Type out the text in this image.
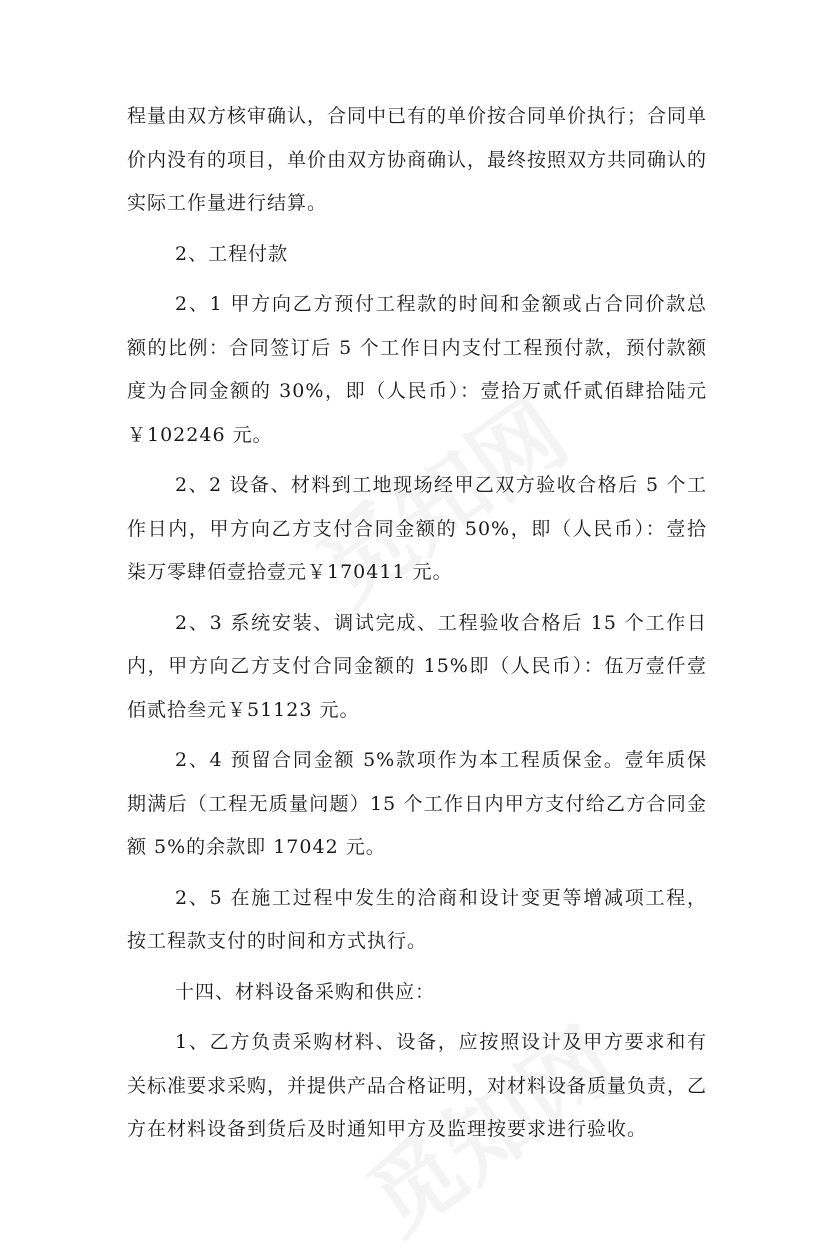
程量由双方核审确认，合同中已有的单价按合同单价执行；合同单价内没有的项目，单价由双方协商确认，最终按照双方共同确认的实际工作量进行结算。

2、工程付款

2、1 甲方向乙方预付工程款的时间和金额或占合同价款总额的比例：合同签订后 5 个工作日内支付工程预付款，预付款额度为合同金额的 30%，即（人民币）：壹拾万贰仟贰佰肆拾陆元￥102246 元。

2、2 设备、材料到工地现场经甲乙双方验收合格后 5 个工作日内，甲方向乙方支付合同金额的 50%，即（人民币）：壹拾柒万零肆佰壹拾壹元￥170411 元。

2、3 系统安装、调试完成、工程验收合格后 15 个工作日内，甲方向乙方支付合同金额的 15%即（人民币）：伍万壹仟壹佰贰拾叁元￥51123 元。

2、4 预留合同金额 5%款项作为本工程质保金。壹年质保期满后（工程无质量问题）15 个工作日内甲方支付给乙方合同金额 5%的余款即 17042 元。

2、5 在施工过程中发生的洽商和设计变更等增减项工程，按工程款支付的时间和方式执行。

十四、材料设备采购和供应：

1、乙方负责采购材料、设备，应按照设计及甲方要求和有关标准要求采购，并提供产品合格证明，对材料设备质量负责，乙方在材料设备到货后及时通知甲方及监理按要求进行验收。
